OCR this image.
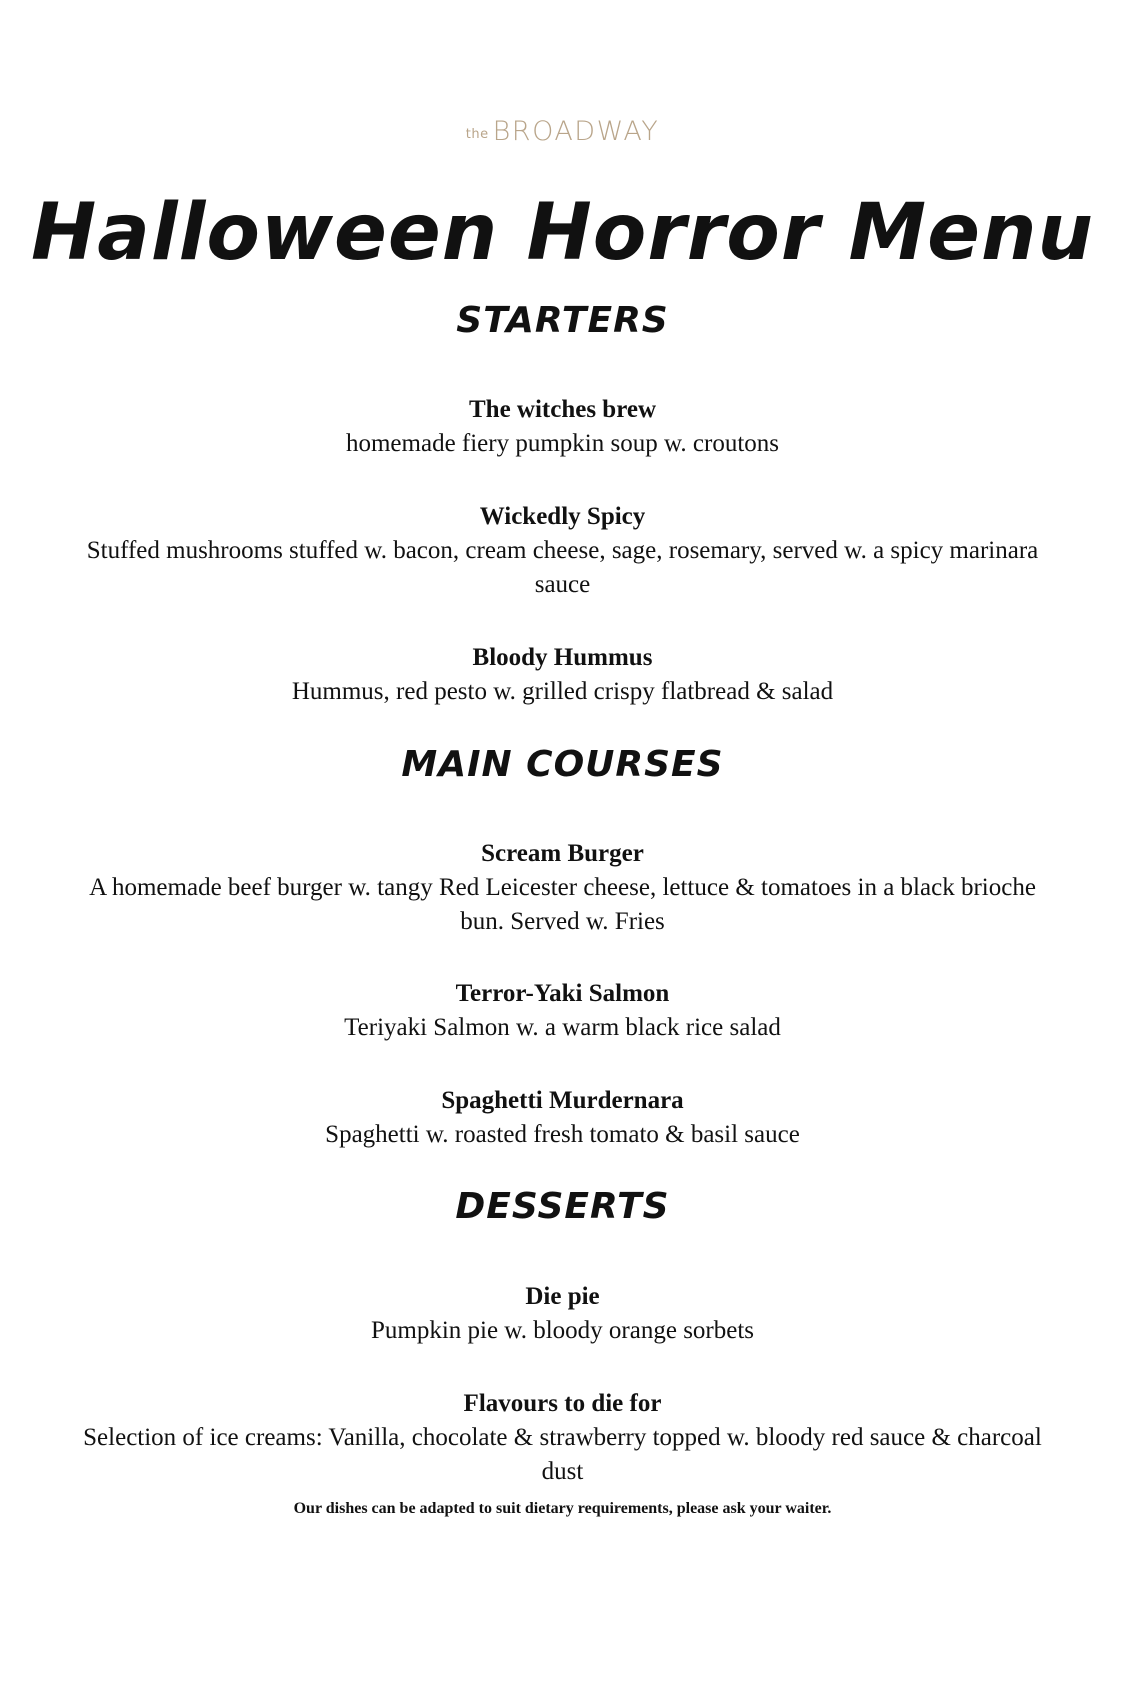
the BROADWAY
Halloween Horror Menu
STARTERS
The witches brew
homemade fiery pumpkin soup w. croutons
Wickedly Spicy
Stuffed mushrooms stuffed w. bacon, cream cheese, sage, rosemary, served w. a spicy marinara sauce
Bloody Hummus
Hummus, red pesto w. grilled crispy flatbread & salad
MAIN COURSES
Scream Burger
A homemade beef burger w. tangy Red Leicester cheese, lettuce & tomatoes in a black brioche bun. Served w. Fries
Terror-Yaki Salmon
Teriyaki Salmon w. a warm black rice salad
Spaghetti Murdernara
Spaghetti w. roasted fresh tomato & basil sauce
DESSERTS
Die pie
Pumpkin pie w. bloody orange sorbets
Flavours to die for
Selection of ice creams: Vanilla, chocolate & strawberry topped w. bloody red sauce & charcoal dust
Our dishes can be adapted to suit dietary requirements, please ask your waiter.
